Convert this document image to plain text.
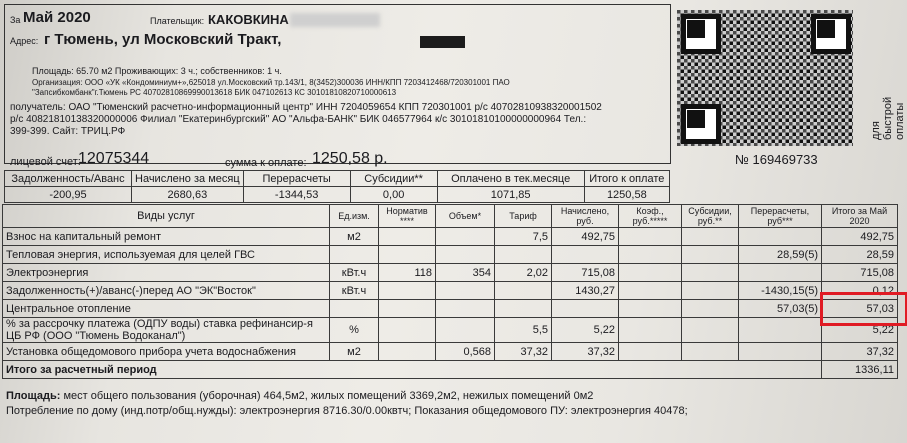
За Май 2020	Плательщик: КАКОВКИНА
Адрес: г Тюмень, ул Московский Тракт,
Площадь: 65.70 м2 Проживающих: 3 ч.; собственников: 1 ч.
Организация: ООО «УК «Кондоминиум+»,625018 ул.Московский тр.143/1, 8(3452)300036 ИНН/КПП 7203412468/720301001 ПАО
"Запсибкомбанк"г.Тюмень РС 40702810869990013618 БИК 047102613 КС 30101810820710000613
получатель: ОАО "Тюменский расчетно-информационный центр" ИНН 7204059654 КПП 720301001 р/с 40702810938320001502
р/с 40821810138320000006 Филиал "Екатеринбургский" АО "Альфа-БАНК" БИК 046577964 к/с 30101810100000000964 Тел.:
399-399. Сайт: ТРИЦ.РФ
лицевой счет:
12075344	сумма к оплате: 1250,58 р.
для быстрой оплаты
№ 169469733
Задолженность/Аванс	Начислено за месяц	Перерасчеты	Субсидии**	Оплачено в тек.месяце	Итого к оплате
-200,95	2680,63	-1344,53	0,00	1071,85	1250,58
Виды услуг	Ед.изм.	Норматив ****	Объем*	Тариф	Начислено, руб.	Коэф., руб.*****	Субсидии, руб.**	Перерасчеты, руб***	Итого за Май 2020
Взнос на капитальный ремонт	м2			7,5	492,75				492,75
Тепловая энергия, используемая для целей ГВС								28,59(5)	28,59
Электроэнергия	кВт.ч	118	354	2,02	715,08				715,08
Задолженность(+)/аванс(-)перед АО "ЭК"Восток"	кВт.ч				1430,27			-1430,15(5)	0,12
Центральное отопление								57,03(5)	57,03
% за рассрочку платежа (ОДПУ воды) ставка рефинансир-я
ЦБ РФ (ООО "Тюмень Водоканал")	%			5,5	5,22				5,22
Установка общедомового прибора учета водоснабжения	м2		0,568	37,32	37,32				37,32
Итого за расчетный период									1336,11
Площадь: мест общего пользования (уборочная) 464,5м2, жилых помещений 3369,2м2, нежилых помещений 0м2
Потребление по дому (инд.потр/общ.нужды): электроэнергия 8716.30/0.00квтч; Показания общедомового ПУ: электроэнергия 40478;
